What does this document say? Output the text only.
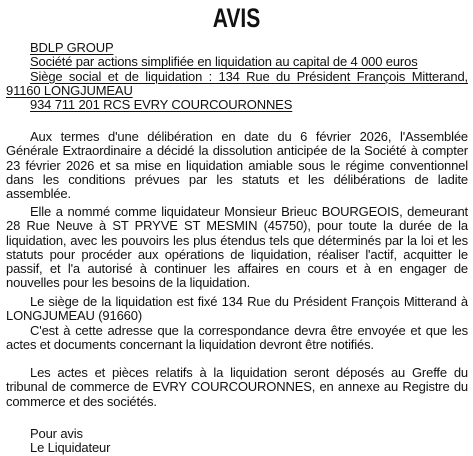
AVIS
BDLP GROUP
Société par actions simplifiée en liquidation au capital de 4 000 euros
Siège social et de liquidation : 134 Rue du Président François Mitterand,
91160 LONGJUMEAU
934 711 201 RCS EVRY COURCOURONNES

Aux termes d'une délibération en date du 6 février 2026, l'Assemblée Générale Extraordinaire a décidé la dissolution anticipée de la Société à compter 23 février 2026 et sa mise en liquidation amiable sous le régime conventionnel dans les conditions prévues par les statuts et les délibérations de ladite assemblée.

Elle a nommé comme liquidateur Monsieur Brieuc BOURGEOIS, demeurant 28 Rue Neuve à ST PRYVE ST MESMIN (45750), pour toute la durée de la liquidation, avec les pouvoirs les plus étendus tels que déterminés par la loi et les statuts pour procéder aux opérations de liquidation, réaliser l'actif, acquitter le passif, et l'a autorisé à continuer les affaires en cours et à en engager de nouvelles pour les besoins de la liquidation.

Le siège de la liquidation est fixé 134 Rue du Président François Mitterand à LONGJUMEAU (91660)

C'est à cette adresse que la correspondance devra être envoyée et que les actes et documents concernant la liquidation devront être notifiés.

Les actes et pièces relatifs à la liquidation seront déposés au Greffe du tribunal de commerce de EVRY COURCOURONNES, en annexe au Registre du commerce et des sociétés.

Pour avis
Le Liquidateur
